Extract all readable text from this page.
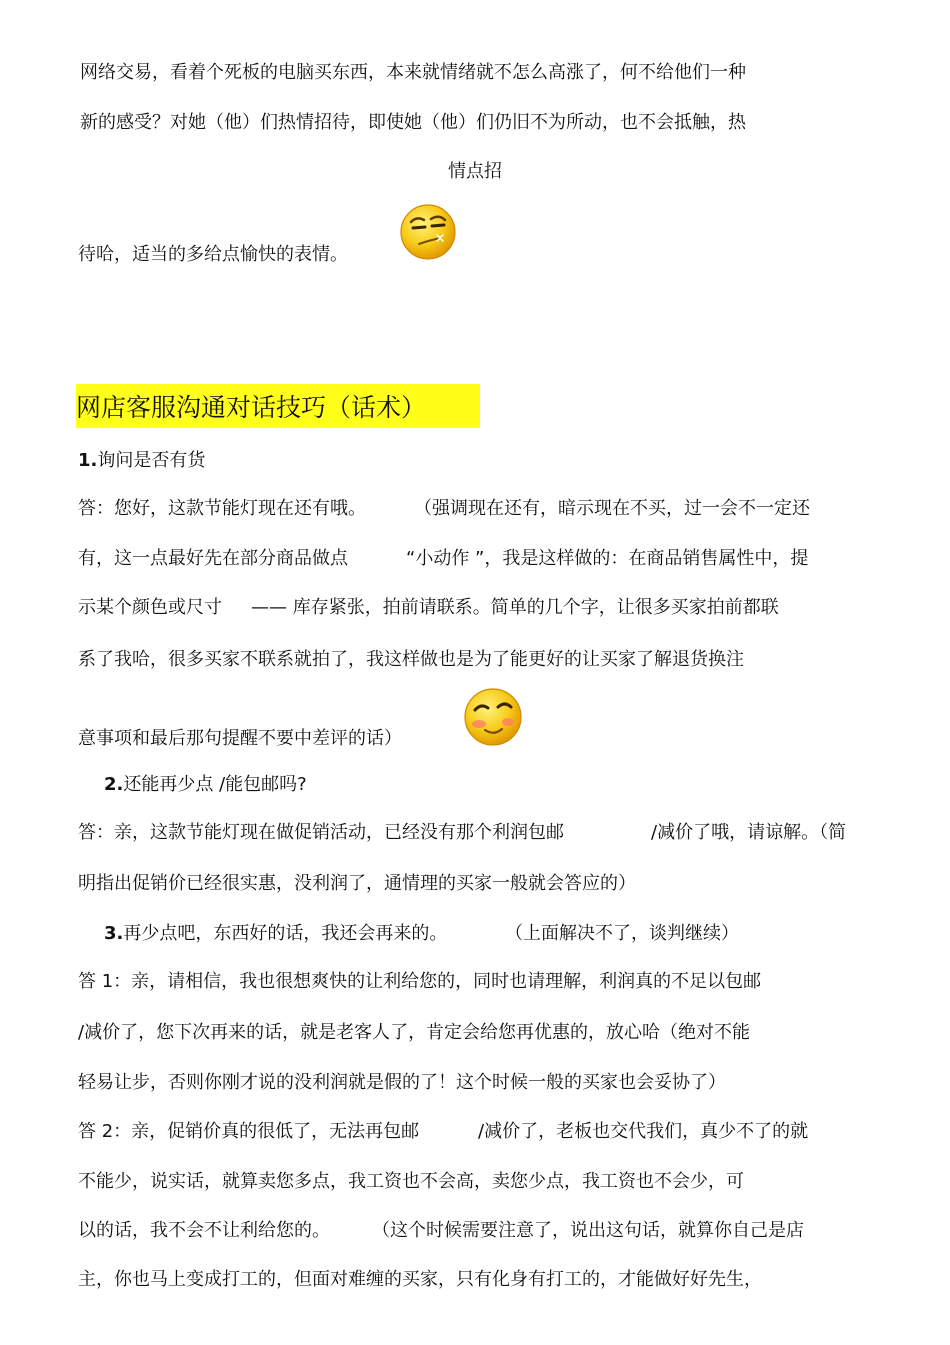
网络交易，看着个死板的电脑买东西，本来就情绪就不怎么高涨了，何不给他们一种
新的感受？对她（他）们热情招待，即使她（他）们仍旧不为所动，也不会抵触，热
情点招
待哈，适当的多给点愉快的表情。
网店客服沟通对话技巧（话术）
1.询问是否有货
答：您好，这款节能灯现在还有哦。	（强调现在还有，暗示现在不买，过一会不一定还
有，这一点最好先在部分商品做点	“小动作 ”，我是这样做的：在商品销售属性中，提
示某个颜色或尺寸 —— 库存紧张，拍前请联系。简单的几个字，让很多买家拍前都联
系了我哈，很多买家不联系就拍了，我这样做也是为了能更好的让买家了解退货换注
意事项和最后那句提醒不要中差评的话）
2.还能再少点 /能包邮吗?
答：亲，这款节能灯现在做促销活动，已经没有那个利润包邮	/减价了哦，请谅解。（简
明指出促销价已经很实惠，没利润了，通情理的买家一般就会答应的）
3.再少点吧，东西好的话，我还会再来的。	（上面解决不了，谈判继续）
答 1：亲，请相信，我也很想爽快的让利给您的，同时也请理解，利润真的不足以包邮
/减价了，您下次再来的话，就是老客人了，肯定会给您再优惠的，放心哈（绝对不能
轻易让步，否则你刚才说的没利润就是假的了！这个时候一般的买家也会妥协了）
答 2：亲，促销价真的很低了，无法再包邮	/减价了，老板也交代我们，真少不了的就
不能少，说实话，就算卖您多点，我工资也不会高，卖您少点，我工资也不会少，可
以的话，我不会不让利给您的。 （这个时候需要注意了，说出这句话，就算你自己是店
主，你也马上变成打工的，但面对难缠的买家，只有化身有打工的，才能做好好先生，
